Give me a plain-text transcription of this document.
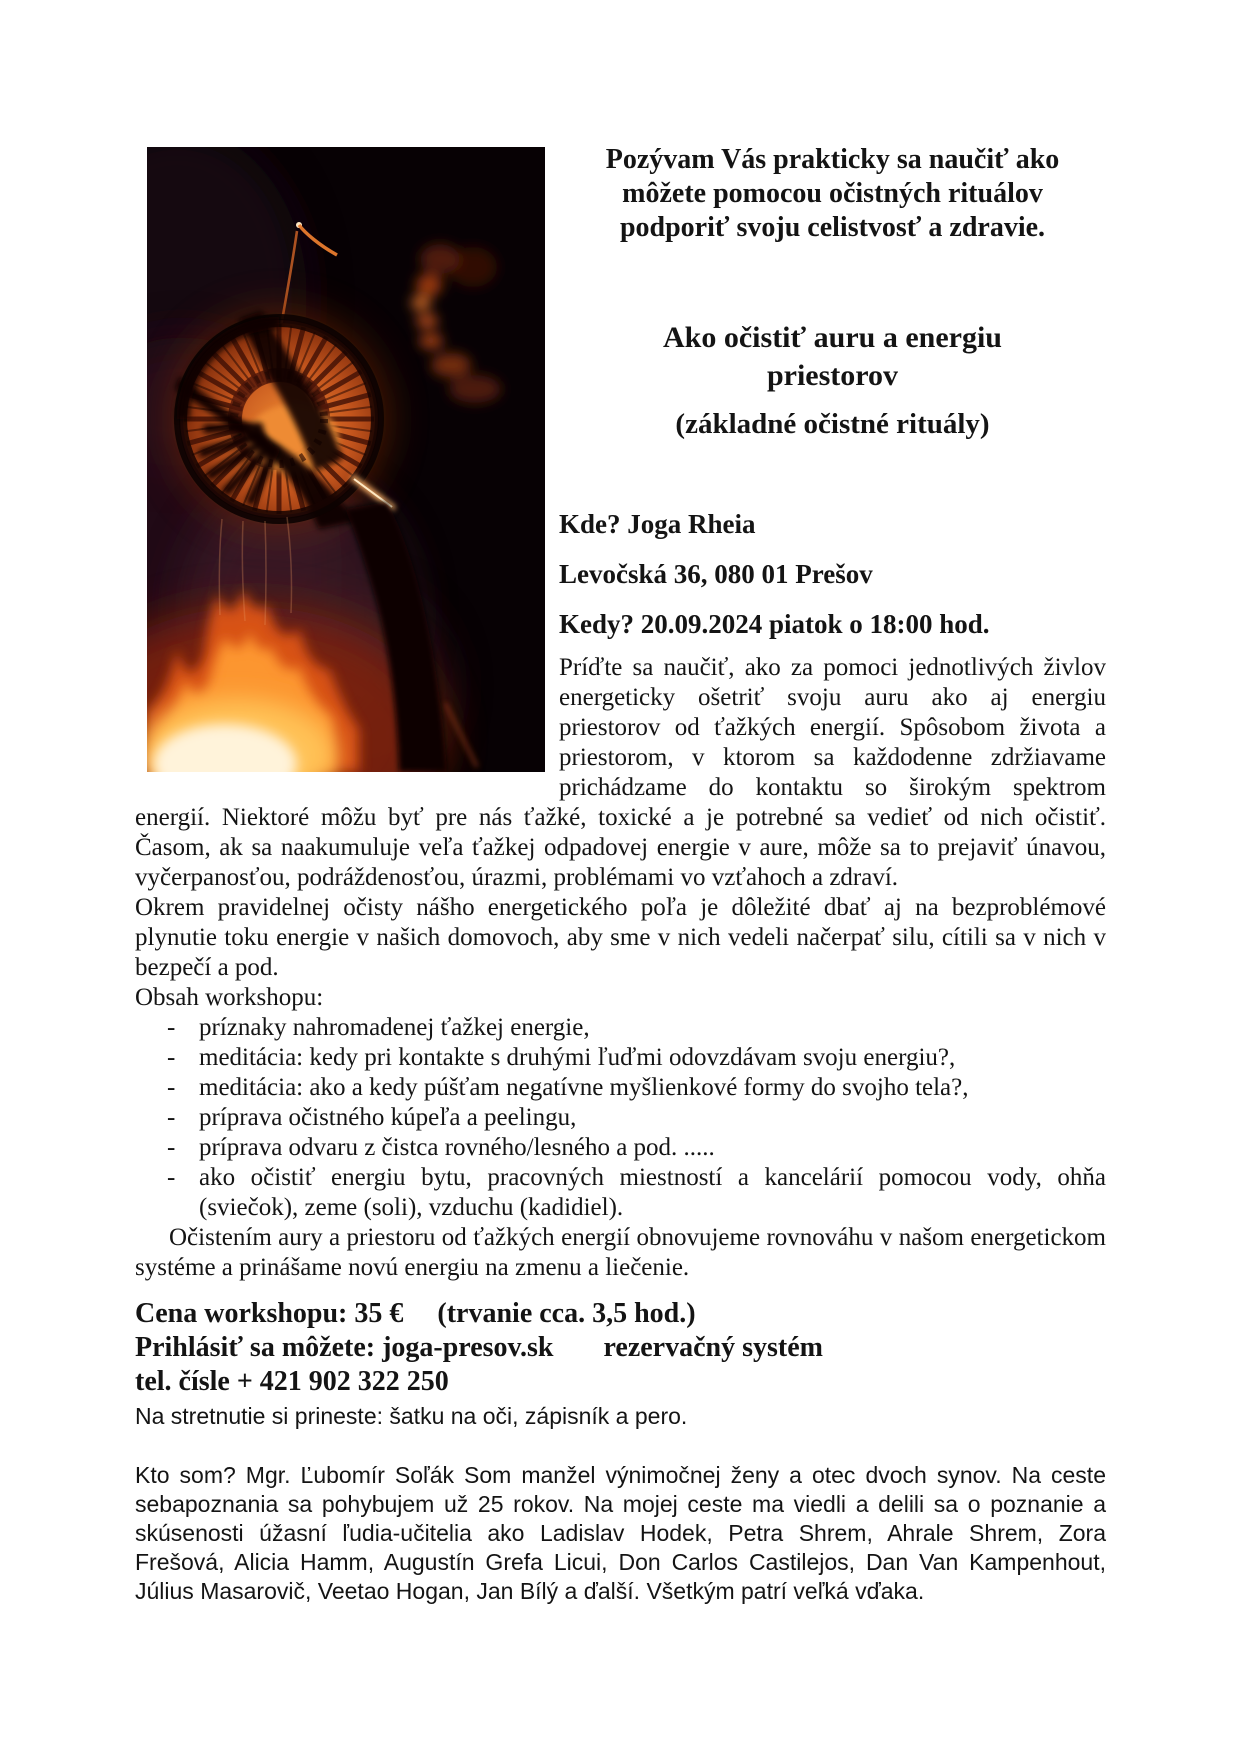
Pozývam Vás prakticky sa naučiť ako
môžete pomocou očistných rituálov
podporiť svoju celistvosť a zdravie.
Ako očistiť auru a energiu
priestorov
(základné očistné rituály)
Kde? Joga Rheia
Levočská 36, 080 01 Prešov
Kedy? 20.09.2024 piatok o 18:00 hod.

Príďte sa naučiť, ako za pomoci jednotlivých živlov energeticky ošetriť svoju auru ako aj energiu priestorov od ťažkých energií. Spôsobom života a priestorom, v ktorom sa každodenne zdržiavame prichádzame do kontaktu so širokým spektrom energií. Niektoré môžu byť pre nás ťažké, toxické a je potrebné sa vedieť od nich očistiť. Časom, ak sa naakumuluje veľa ťažkej odpadovej energie v aure, môže sa to prejaviť únavou, vyčerpanosťou, podráždenosťou, úrazmi, problémami vo vzťahoch a zdraví.

Okrem pravidelnej očisty nášho energetického poľa je dôležité dbať aj na bezproblémové plynutie toku energie v našich domovoch, aby sme v nich vedeli načerpať silu, cítili sa v nich v bezpečí a pod.

Obsah workshopu:

- príznaky nahromadenej ťažkej energie,
- meditácia: kedy pri kontakte s druhými ľuďmi odovzdávam svoju energiu?,
- meditácia: ako a kedy púšťam negatívne myšlienkové formy do svojho tela?,
- príprava očistného kúpeľa a peelingu,
- príprava odvaru z čistca rovného/lesného a pod. .....
- ako očistiť energiu bytu, pracovných miestností a kancelárií pomocou vody, ohňa (sviečok), zeme (soli), vzduchu (kadidiel).

Očistením aury a priestoru od ťažkých energií obnovujeme rovnováhu v našom energetickom systéme a prinášame novú energiu na zmenu a liečenie.

Cena workshopu: 35 € (trvanie cca. 3,5 hod.)
Prihlásiť sa môžete: joga-presov.sk rezervačný systém
tel. čísle + 421 902 322 250

Na stretnutie si prineste: šatku na oči, zápisník a pero.

Kto som? Mgr. Ľubomír Soľák Som manžel výnimočnej ženy a otec dvoch synov. Na ceste sebapoznania sa pohybujem už 25 rokov. Na mojej ceste ma viedli a delili sa o poznanie a skúsenosti úžasní ľudia-učitelia ako Ladislav Hodek, Petra Shrem, Ahrale Shrem, Zora Frešová, Alicia Hamm, Augustín Grefa Licui, Don Carlos Castilejos, Dan Van Kampenhout, Július Masarovič, Veetao Hogan, Jan Bílý a ďalší. Všetkým patrí veľká vďaka.
